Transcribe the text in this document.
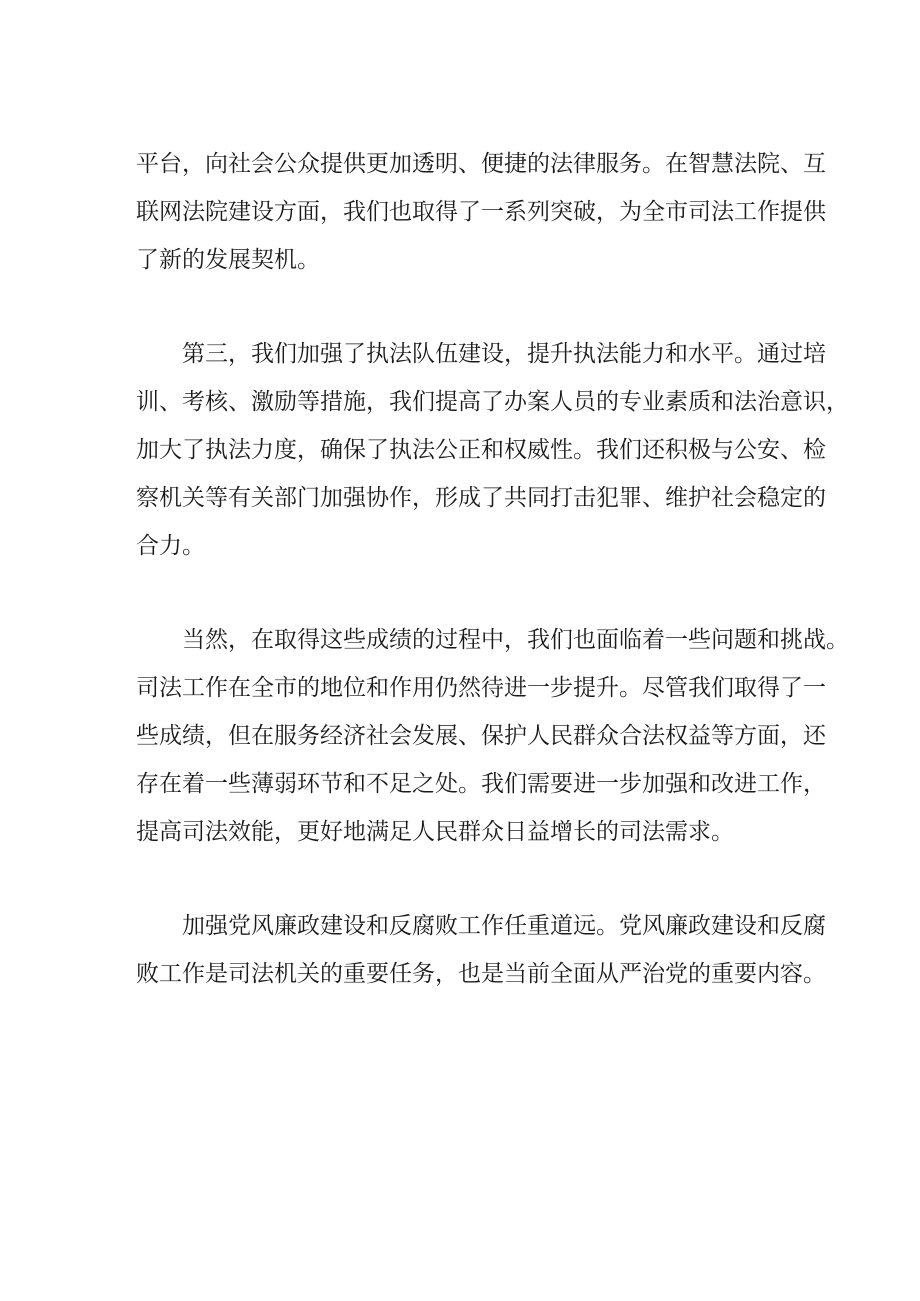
平台，向社会公众提供更加透明、便捷的法律服务。在智慧法院、互
联网法院建设方面，我们也取得了一系列突破，为全市司法工作提供
了新的发展契机。
第三，我们加强了执法队伍建设，提升执法能力和水平。通过培
训、考核、激励等措施，我们提高了办案人员的专业素质和法治意识，
加大了执法力度，确保了执法公正和权威性。我们还积极与公安、检
察机关等有关部门加强协作，形成了共同打击犯罪、维护社会稳定的
合力。
当然，在取得这些成绩的过程中，我们也面临着一些问题和挑战。
司法工作在全市的地位和作用仍然待进一步提升。尽管我们取得了一
些成绩，但在服务经济社会发展、保护人民群众合法权益等方面，还
存在着一些薄弱环节和不足之处。我们需要进一步加强和改进工作，
提高司法效能，更好地满足人民群众日益增长的司法需求。
加强党风廉政建设和反腐败工作任重道远。党风廉政建设和反腐
败工作是司法机关的重要任务，也是当前全面从严治党的重要内容。
